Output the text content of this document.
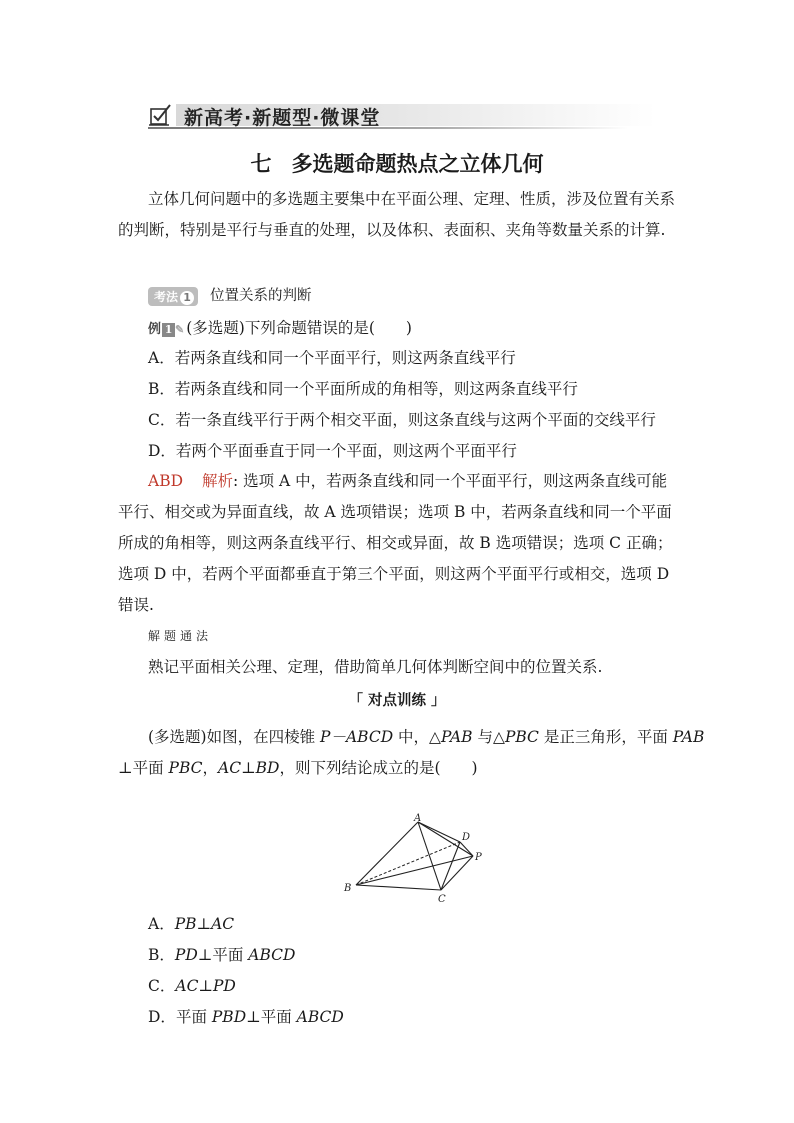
新高考·新题型·微课堂
七 多选题命题热点之立体几何
立体几何问题中的多选题主要集中在平面公理、定理、性质，涉及位置有关系的判断，特别是平行与垂直的处理，以及体积、表面积、夹角等数量关系的计算.
考法 1 位置关系的判断
例 1 ✎ (多选题)下列命题错误的是(　　)
A．若两条直线和同一个平面平行，则这两条直线平行
B．若两条直线和同一个平面所成的角相等，则这两条直线平行
C．若一条直线平行于两个相交平面，则这条直线与这两个平面的交线平行
D．若两个平面垂直于同一个平面，则这两个平面平行
ABD 解析: 选项 A 中，若两条直线和同一个平面平行，则这两条直线可能平行、相交或为异面直线，故 A 选项错误；选项 B 中，若两条直线和同一个平面所成的角相等，则这两条直线平行、相交或异面，故 B 选项错误；选项 C 正确；选项 D 中，若两个平面都垂直于第三个平面，则这两个平面平行或相交，选项 D 错误.
解题通法
熟记平面相关公理、定理，借助简单几何体判断空间中的位置关系.
「 对点训练 」
(多选题)如图，在四棱锥 P－ABCD 中，△PAB 与△PBC 是正三角形，平面 PAB
⊥平面 PBC，AC⊥BD，则下列结论成立的是(　　)
A
B
C
D
P
A．PB⊥AC
B．PD⊥平面 ABCD
C．AC⊥PD
D．平面 PBD⊥平面 ABCD
